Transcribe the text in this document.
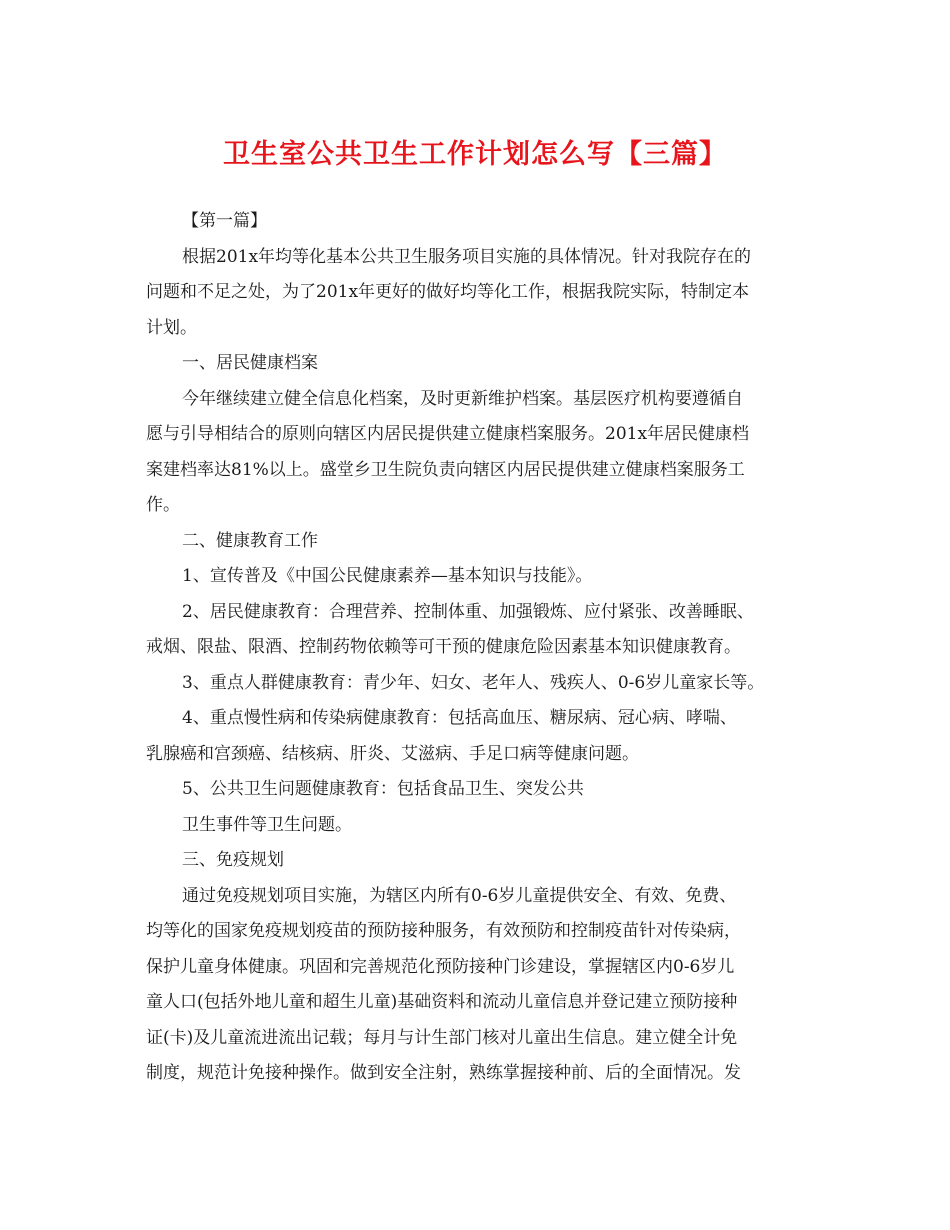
卫生室公共卫生工作计划怎么写【三篇】
【第一篇】
根据201x年均等化基本公共卫生服务项目实施的具体情况。针对我院存在的
问题和不足之处，为了201x年更好的做好均等化工作，根据我院实际，特制定本
计划。
一、居民健康档案
今年继续建立健全信息化档案，及时更新维护档案。基层医疗机构要遵循自
愿与引导相结合的原则向辖区内居民提供建立健康档案服务。201x年居民健康档
案建档率达81%以上。盛堂乡卫生院负责向辖区内居民提供建立健康档案服务工
作。
二、健康教育工作
1、宣传普及《中国公民健康素养—基本知识与技能》。
2、居民健康教育：合理营养、控制体重、加强锻炼、应付紧张、改善睡眠、
戒烟、限盐、限酒、控制药物依赖等可干预的健康危险因素基本知识健康教育。
3、重点人群健康教育：青少年、妇女、老年人、残疾人、0-6岁儿童家长等。
4、重点慢性病和传染病健康教育：包括高血压、糖尿病、冠心病、哮喘、
乳腺癌和宫颈癌、结核病、肝炎、艾滋病、手足口病等健康问题。
5、公共卫生问题健康教育：包括食品卫生、突发公共
卫生事件等卫生问题。
三、免疫规划
通过免疫规划项目实施，为辖区内所有0-6岁儿童提供安全、有效、免费、
均等化的国家免疫规划疫苗的预防接种服务，有效预防和控制疫苗针对传染病，
保护儿童身体健康。巩固和完善规范化预防接种门诊建设，掌握辖区内0-6岁儿
童人口(包括外地儿童和超生儿童)基础资料和流动儿童信息并登记建立预防接种
证(卡)及儿童流进流出记载；每月与计生部门核对儿童出生信息。建立健全计免
制度，规范计免接种操作。做到安全注射，熟练掌握接种前、后的全面情况。发
